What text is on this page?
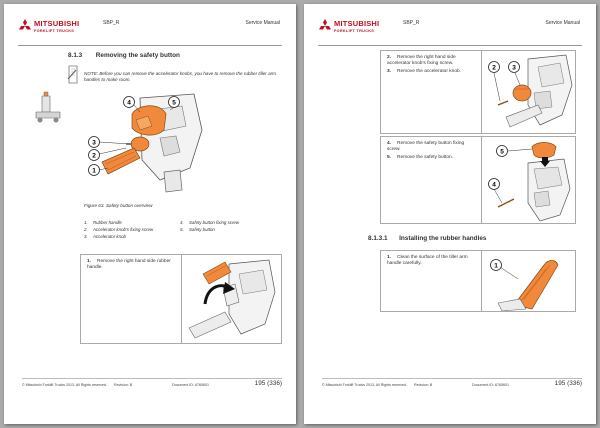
MITSUBISHI
FORKLIFT TRUCKS
SBP_R	Service Manual
8.1.3 Removing the safety button
NOTE: Before you can remove the accelerator knobs, you have to remove the rubber tiller arm handles to make room.
4	5
3
2
1
Figure 63. Safety button overview
1. Rubber handle
2. Accelerator knob's fixing screw
3. Accelerator knob
4. Safety button fixing screw
5. Safety button
1. Remove the right hand side rubber handle.
© Mitsubishi Forklift Trucks 2013, All Rights reserved. Revision: B	Document ID: 6765601	195 (336)
MITSUBISHI
FORKLIFT TRUCKS
SBP_R	Service Manual
2. Remove the right hand side accelerator knob's fixing screw.
3. Remove the accelerator knob.
2	3
4. Remove the safety button fixing screw.
5. Remove the safety button.
5
4
8.1.3.1 Installing the rubber handles
1. Clean the surface of the tiller arm handle carefully.	1
© Mitsubishi Forklift Trucks 2013, All Rights reserved. Revision: B	Document ID: 6765601	195 (336)
